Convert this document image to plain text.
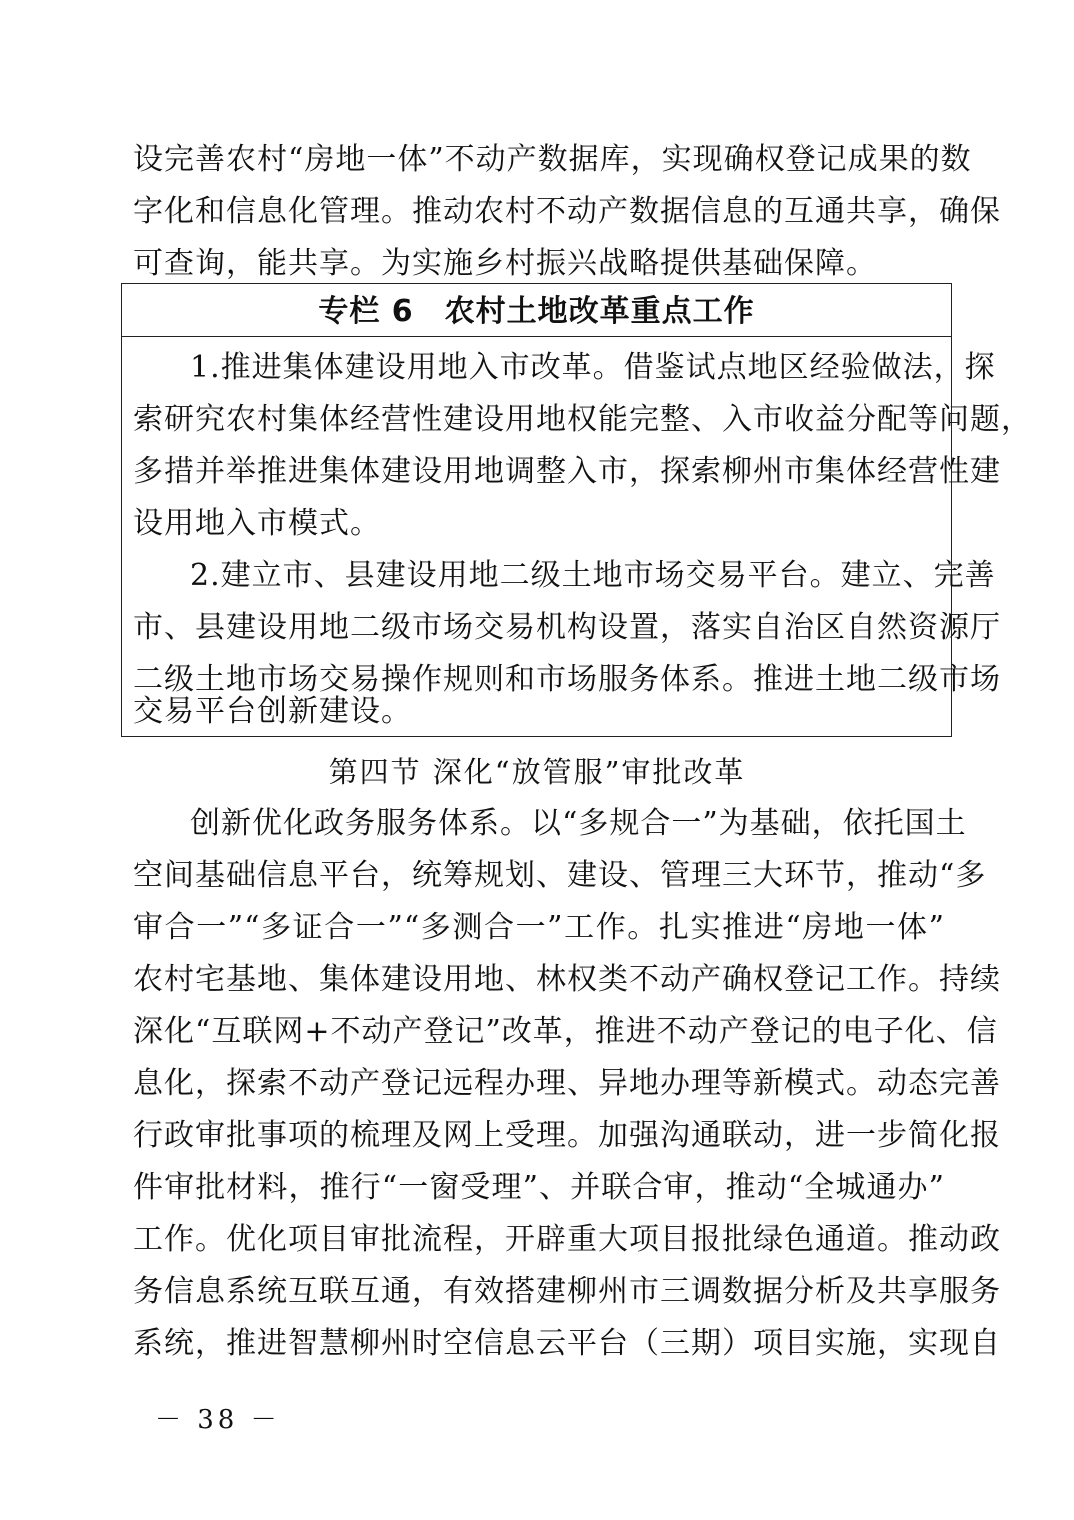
设完善农村“房地一体”不动产数据库，实现确权登记成果的数
字化和信息化管理。推动农村不动产数据信息的互通共享，确保
可查询，能共享。为实施乡村振兴战略提供基础保障。
专栏 6　农村土地改革重点工作
1.推进集体建设用地入市改革。借鉴试点地区经验做法，探
索研究农村集体经营性建设用地权能完整、入市收益分配等问题，
多措并举推进集体建设用地调整入市，探索柳州市集体经营性建
设用地入市模式。
2.建立市、县建设用地二级土地市场交易平台。建立、完善
市、县建设用地二级市场交易机构设置，落实自治区自然资源厅
二级土地市场交易操作规则和市场服务体系。推进土地二级市场
交易平台创新建设。
第四节 深化“放管服”审批改革
创新优化政务服务体系。以“多规合一”为基础，依托国土
空间基础信息平台，统筹规划、建设、管理三大环节，推动“多
审合一”“多证合一”“多测合一”工作。扎实推进“房地一体”
农村宅基地、集体建设用地、林权类不动产确权登记工作。持续
深化“互联网+不动产登记”改革，推进不动产登记的电子化、信
息化，探索不动产登记远程办理、异地办理等新模式。动态完善
行政审批事项的梳理及网上受理。加强沟通联动，进一步简化报
件审批材料，推行“一窗受理”、并联合审，推动“全城通办”
工作。优化项目审批流程，开辟重大项目报批绿色通道。推动政
务信息系统互联互通，有效搭建柳州市三调数据分析及共享服务
系统，推进智慧柳州时空信息云平台（三期）项目实施，实现自
－ 38 －
